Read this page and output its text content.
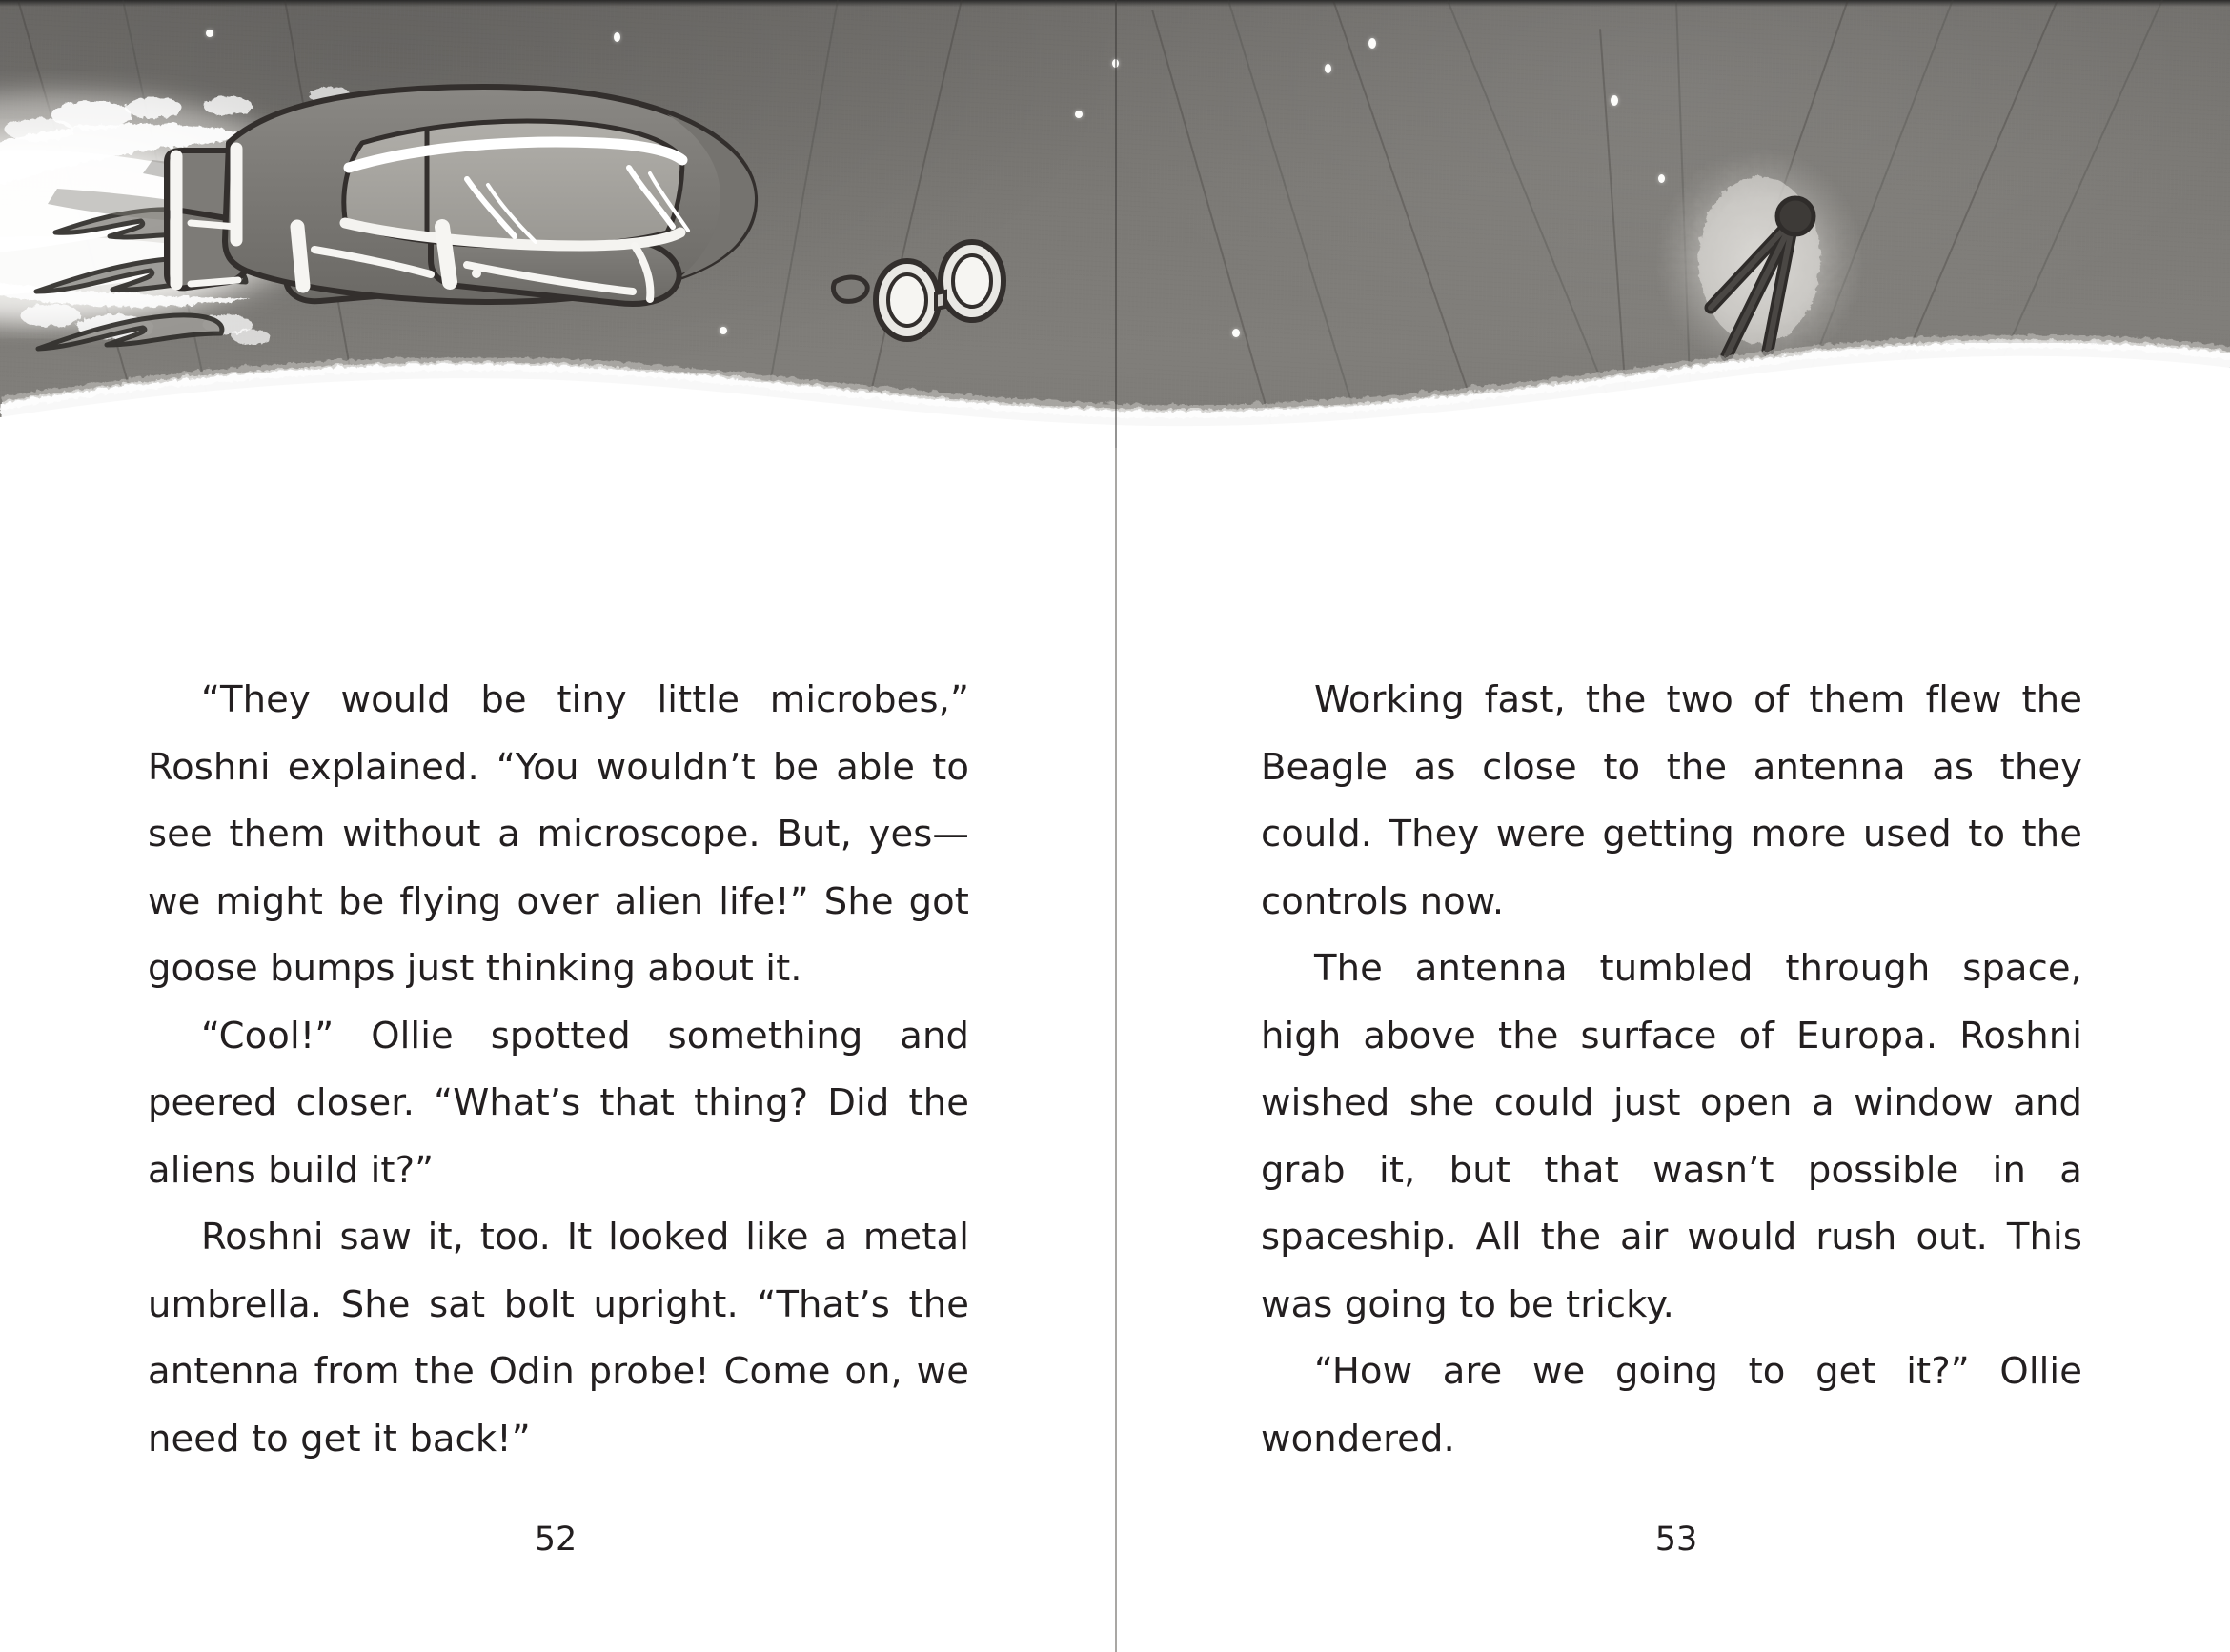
“They would be tiny little microbes,” Roshni explained. “You wouldn’t be able to see them without a microscope. But, yes—we might be flying over alien life!” She got goose bumps just thinking about it.

“Cool!” Ollie spotted something and peered closer. “What’s that thing? Did the aliens build it?”

Roshni saw it, too. It looked like a metal umbrella. She sat bolt upright. “That’s the antenna from the Odin probe! Come on, we need to get it back!”

52

Working fast, the two of them flew the Beagle as close to the antenna as they could. They were getting more used to the controls now.

The antenna tumbled through space, high above the surface of Europa. Roshni wished she could just open a window and grab it, but that wasn’t possible in a spaceship. All the air would rush out. This was going to be tricky.

“How are we going to get it?” Ollie wondered.

53
